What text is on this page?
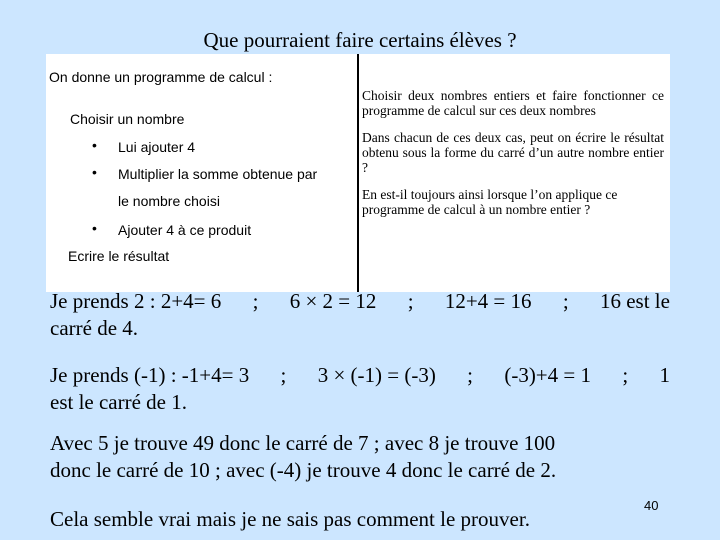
Que pourraient faire certains élèves ?
On donne un programme de calcul :
Choisir un nombre
• Lui ajouter 4
• Multiplier la somme obtenue par
le nombre choisi
• Ajouter 4 à ce produit
Ecrire le résultat
Choisir deux nombres entiers et faire fonctionner ce programme de calcul sur ces deux nombres
Dans chacun de ces deux cas, peut on écrire le résultat obtenu sous la forme du carré d’un autre nombre entier ?
En est-il toujours ainsi lorsque l’on applique ce programme de calcul à un nombre entier ?
Je prends 2 : 2+4= 6 ; 6 × 2 = 12 ; 12+4 = 16 ; 16 est le
carré de 4.
Je prends (-1) : -1+4= 3 ; 3 × (-1) = (-3) ; (-3)+4 = 1 ; 1
est le carré de 1.
Avec 5 je trouve 49 donc le carré de 7 ; avec 8 je trouve 100
donc le carré de 10 ; avec (-4) je trouve 4 donc le carré de 2.
Cela semble vrai mais je ne sais pas comment le prouver.
40
